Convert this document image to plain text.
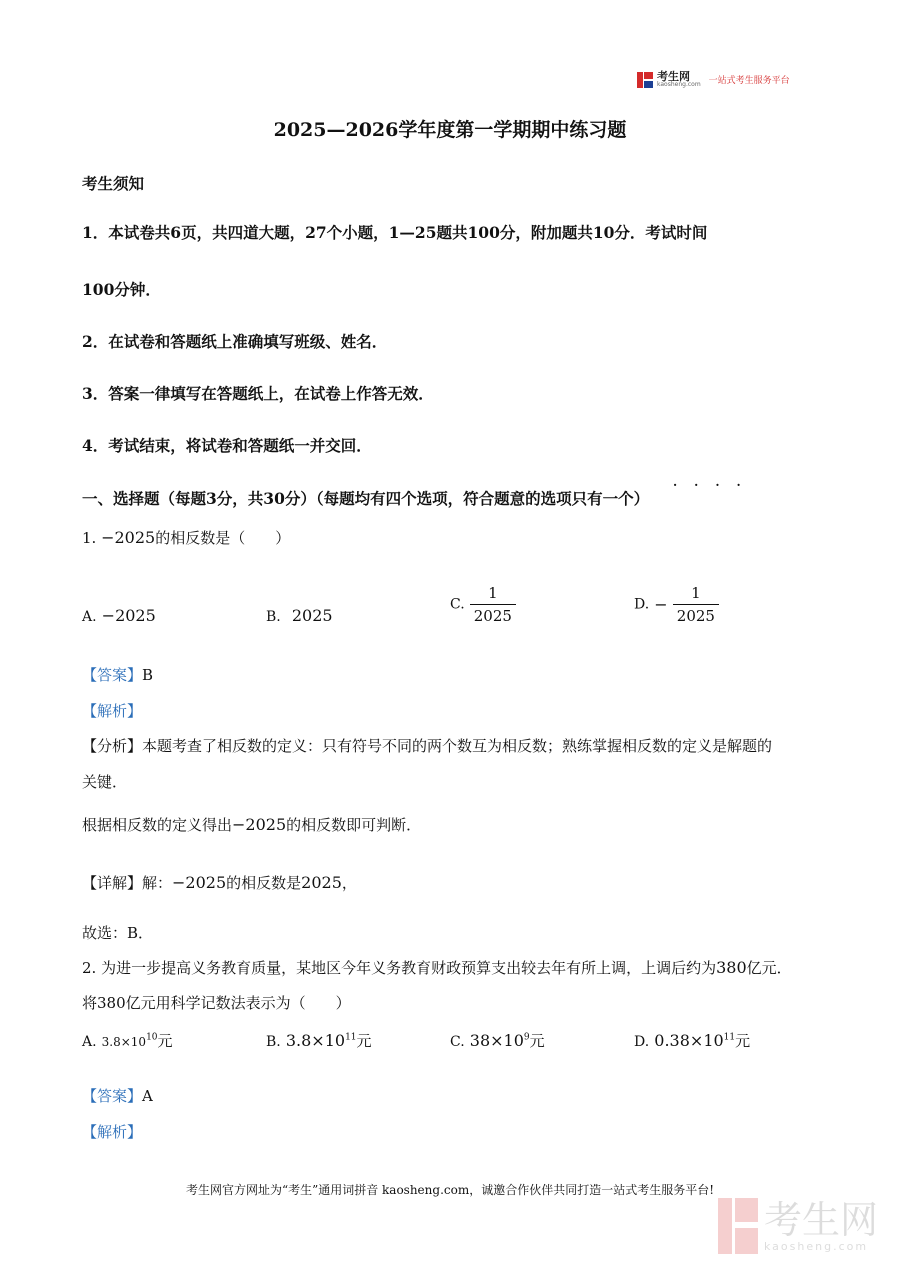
考生网
kaosheng.com 一站式考生服务平台
2025—2026学年度第一学期期中练习题
考生须知
1．本试卷共6页，共四道大题，27个小题，1—25题共100分，附加题共10分．考试时间
100分钟．
2．在试卷和答题纸上准确填写班级、姓名．
3．答案一律填写在答题纸上，在试卷上作答无效．
4．考试结束，将试卷和答题纸一并交回．
····
一、选择题（每题3分，共30分）（每题均有四个选项，符合题意的选项只有一个）
1. −2025的相反数是（　　）
A. −2025	B. 2025
C. $\frac{1}{2025}$	D. − $\frac{1}{2025}$
【答案】B
【解析】
【分析】本题考查了相反数的定义：只有符号不同的两个数互为相反数；熟练掌握相反数的定义是解题的
关键．
根据相反数的定义得出−2025的相反数即可判断．
【详解】解：−2025的相反数是2025，
故选：B．
2. 为进一步提高义务教育质量，某地区今年义务教育财政预算支出较去年有所上调，上调后约为380亿元．
将380亿元用科学记数法表示为（　　）
A. $3.8\times 10^{10}$元	B. $3.8\times 10^{11}$元	C. $38\times 10^9$元	D. $0.38\times 10^{11}$元
【答案】A
【解析】
考生网官方网址为“考生”通用词拼音 kaosheng.com，诚邀合作伙伴共同打造一站式考生服务平台!
考生网
kaosheng.com
